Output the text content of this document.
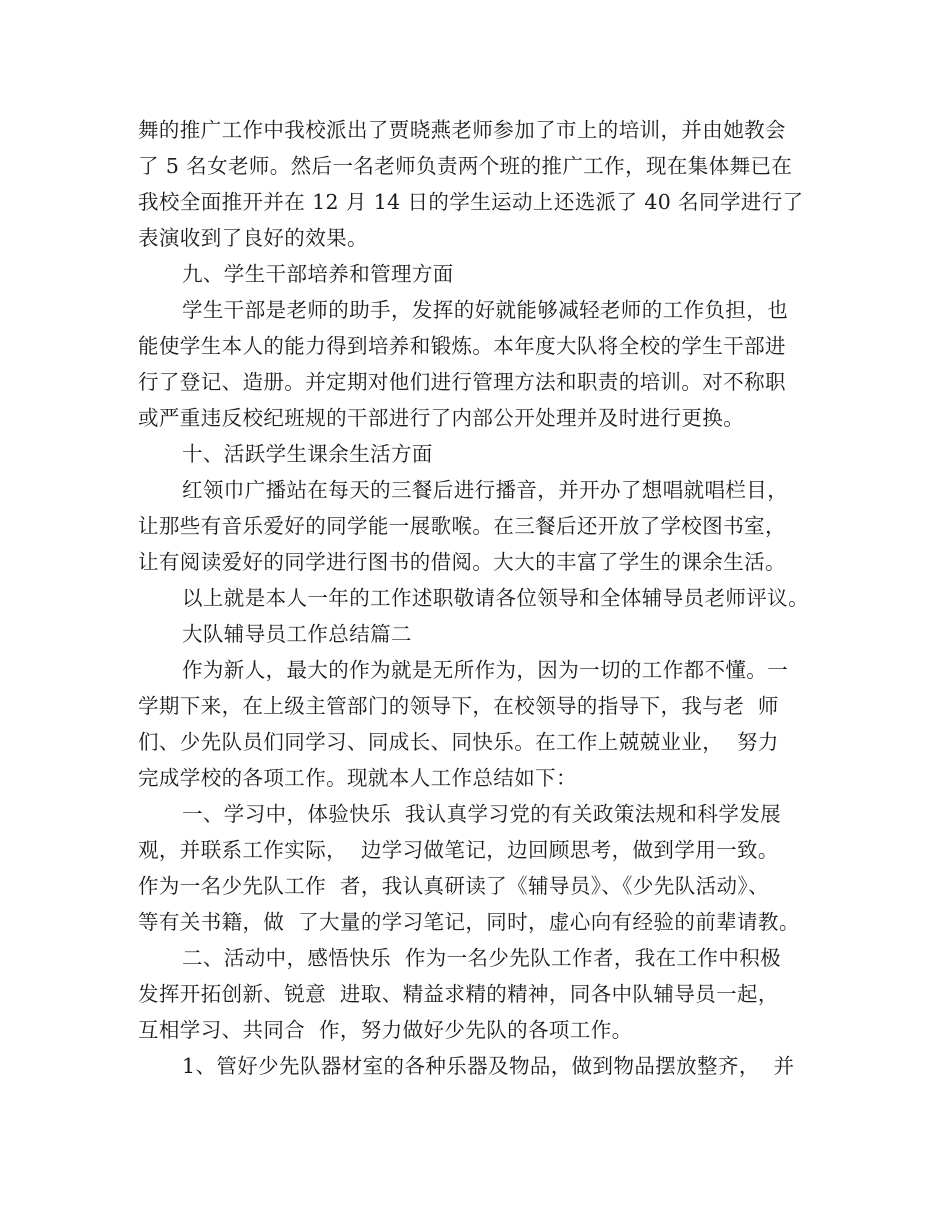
舞的推广工作中我校派出了贾晓燕老师参加了市上的培训，并由她教会

了 5 名女老师。然后一名老师负责两个班的推广工作，现在集体舞已在

我校全面推开并在 12 月 14 日的学生运动上还选派了 40 名同学进行了

表演收到了良好的效果。

九、学生干部培养和管理方面

学生干部是老师的助手，发挥的好就能够减轻老师的工作负担，也

能使学生本人的能力得到培养和锻炼。本年度大队将全校的学生干部进

行了登记、造册。并定期对他们进行管理方法和职责的培训。对不称职

或严重违反校纪班规的干部进行了内部公开处理并及时进行更换。

十、活跃学生课余生活方面

红领巾广播站在每天的三餐后进行播音，并开办了想唱就唱栏目，

让那些有音乐爱好的同学能一展歌喉。在三餐后还开放了学校图书室，

让有阅读爱好的同学进行图书的借阅。大大的丰富了学生的课余生活。

以上就是本人一年的工作述职敬请各位领导和全体辅导员老师评议。

大队辅导员工作总结篇二

作为新人，最大的作为就是无所作为，因为一切的工作都不懂。一

学期下来，在上级主管部门的领导下，在校领导的指导下，我与老  师

们、少先队员们同学习、同成长、同快乐。在工作上兢兢业业，  努力

完成学校的各项工作。现就本人工作总结如下：

一、学习中，体验快乐  我认真学习党的有关政策法规和科学发展

观，并联系工作实际，  边学习做笔记，边回顾思考，做到学用一致。

作为一名少先队工作  者，我认真研读了《辅导员》、《少先队活动》、

等有关书籍，做  了大量的学习笔记，同时，虚心向有经验的前辈请教。

二、活动中，感悟快乐  作为一名少先队工作者，我在工作中积极

发挥开拓创新、锐意  进取、精益求精的精神，同各中队辅导员一起，

互相学习、共同合  作，努力做好少先队的各项工作。

1、管好少先队器材室的各种乐器及物品，做到物品摆放整齐，  并
